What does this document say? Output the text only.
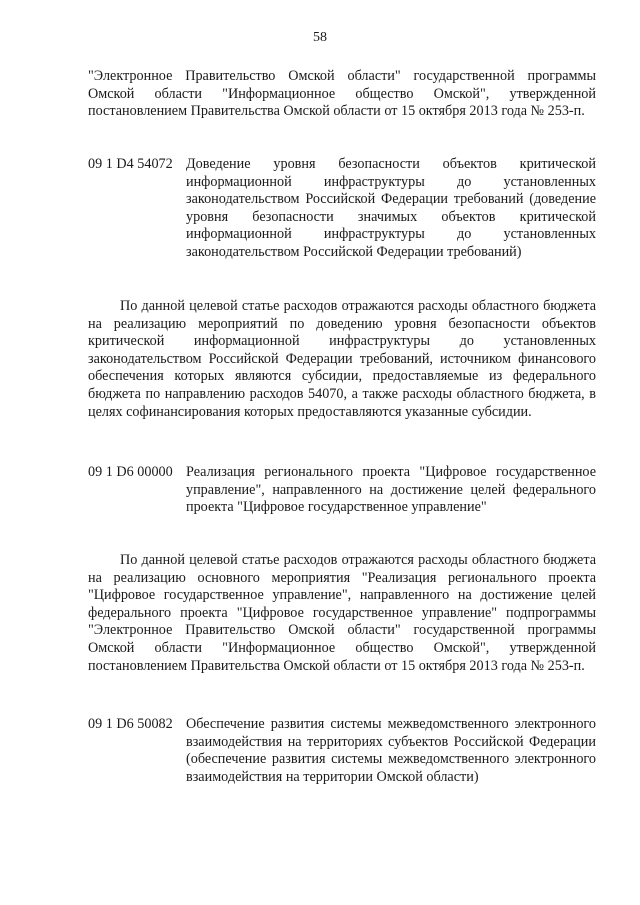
58
"Электронное Правительство Омской области" государственной программы Омской области "Информационное общество Омской", утвержденной постановлением Правительства Омской области от 15 октября 2013 года № 253-п.
09 1 D4 54072 Доведение уровня безопасности объектов критической информационной инфраструктуры до установленных законодательством Российской Федерации требований (доведение уровня безопасности значимых объектов критической информационной инфраструктуры до установленных законодательством Российской Федерации требований)
По данной целевой статье расходов отражаются расходы областного бюджета на реализацию мероприятий по доведению уровня безопасности объектов критической информационной инфраструктуры до установленных законодательством Российской Федерации требований, источником финансового обеспечения которых являются субсидии, предоставляемые из федерального бюджета по направлению расходов 54070, а также расходы областного бюджета, в целях софинансирования которых предоставляются указанные субсидии.
09 1 D6 00000 Реализация регионального проекта "Цифровое государственное управление", направленного на достижение целей федерального проекта "Цифровое государственное управление"
По данной целевой статье расходов отражаются расходы областного бюджета на реализацию основного мероприятия "Реализация регионального проекта "Цифровое государственное управление", направленного на достижение целей федерального проекта "Цифровое государственное управление" подпрограммы "Электронное Правительство Омской области" государственной программы Омской области "Информационное общество Омской", утвержденной постановлением Правительства Омской области от 15 октября 2013 года № 253-п.
09 1 D6 50082 Обеспечение развития системы межведомственного электронного взаимодействия на территориях субъектов Российской Федерации (обеспечение развития системы межведомственного электронного взаимодействия на территории Омской области)
